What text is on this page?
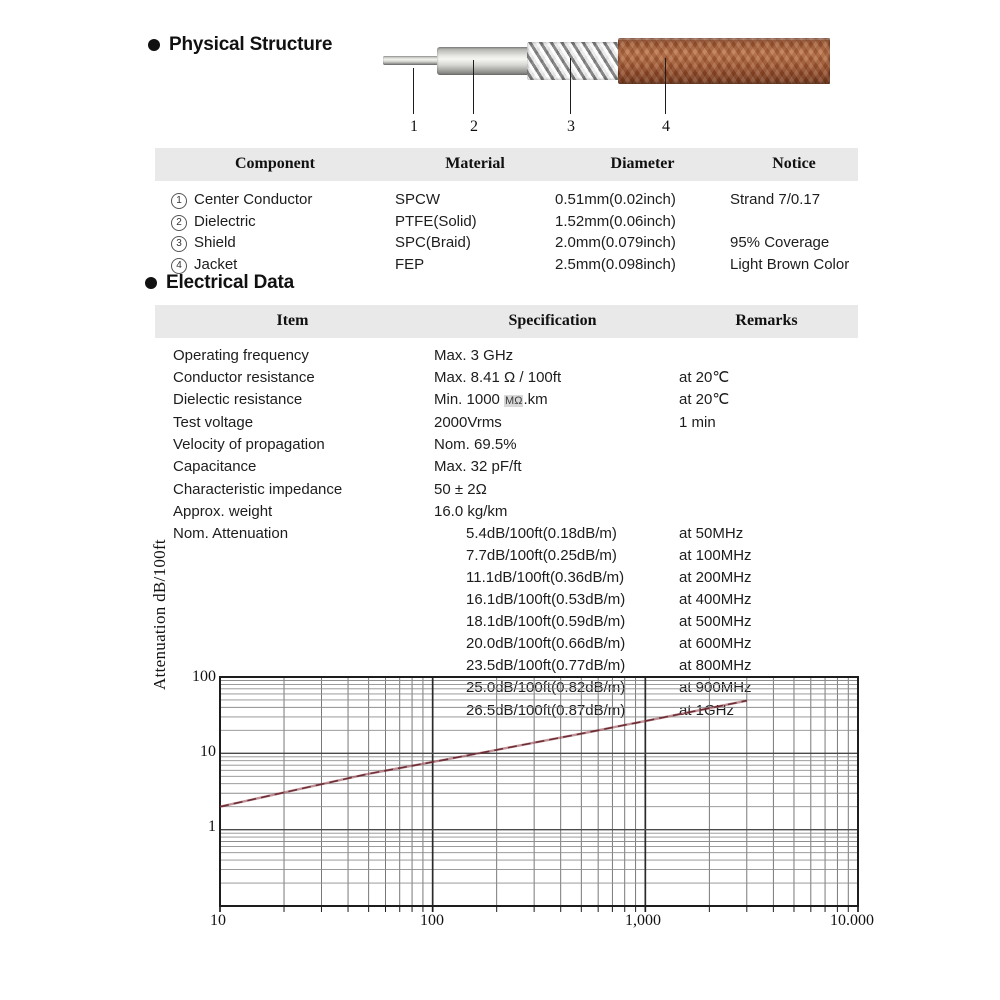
Physical Structure
1	2	3	4
Component	Material	Diameter	Notice
1 Center Conductor	SPCW	0.51mm(0.02inch)	Strand 7/0.17
2 Dielectric	PTFE(Solid)	1.52mm(0.06inch)	
3 Shield	SPC(Braid)	2.0mm(0.079inch)	95% Coverage
4 Jacket	FEP	2.5mm(0.098inch)	Light Brown Color
Electrical Data
Item	Specification	Remarks
Operating frequency	Max. 3 GHz	
Conductor resistance	Max. 8.41 Ω / 100ft	at 20℃
Dielectic resistance	Min. 1000 MΩ.km	at 20℃
Test voltage	2000Vrms	1 min
Velocity of propagation	Nom. 69.5%	
Capacitance	Max. 32 pF/ft	
Characteristic impedance	50 ± 2Ω	
Approx. weight	16.0 kg/km	
Nom. Attenuation	5.4dB/100ft(0.18dB/m)	at 50MHz
	7.7dB/100ft(0.25dB/m)	at 100MHz
	11.1dB/100ft(0.36dB/m)	at 200MHz
	16.1dB/100ft(0.53dB/m)	at 400MHz
	18.1dB/100ft(0.59dB/m)	at 500MHz
	20.0dB/100ft(0.66dB/m)	at 600MHz
	23.5dB/100ft(0.77dB/m)	at 800MHz
	25.0dB/100ft(0.82dB/m)	at 900MHz
	26.5dB/100ft(0.87dB/m)	at 1GHz
Attenuation dB/100ft	100
10
1
10	100	1,000	10.000
